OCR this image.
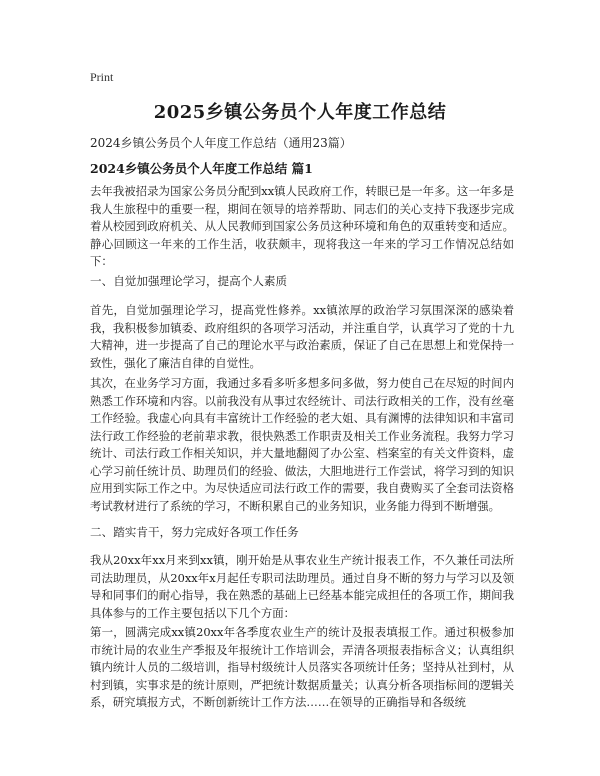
Print
2025乡镇公务员个人年度工作总结

2024乡镇公务员个人年度工作总结（通用23篇）

2024乡镇公务员个人年度工作总结 篇1

去年我被招录为国家公务员分配到xx镇人民政府工作，转眼已是一年多。这一年多是我人生旅程中的重要一程，期间在领导的培养帮助、同志们的关心支持下我逐步完成着从校园到政府机关、从人民教师到国家公务员这种环境和角色的双重转变和适应。静心回顾这一年来的工作生活，收获颇丰，现将我这一年来的学习工作情况总结如下：

一、自觉加强理论学习，提高个人素质

首先，自觉加强理论学习，提高党性修养。xx镇浓厚的政治学习氛围深深的感染着我，我积极参加镇委、政府组织的各项学习活动，并注重自学，认真学习了党的十九大精神，进一步提高了自己的理论水平与政治素质，保证了自己在思想上和党保持一致性，强化了廉洁自律的自觉性。

其次，在业务学习方面，我通过多看多听多想多问多做，努力使自己在尽短的时间内熟悉工作环境和内容。以前我没有从事过农经统计、司法行政相关的工作，没有丝毫工作经验。我虚心向具有丰富统计工作经验的老大姐、具有渊博的法律知识和丰富司法行政工作经验的老前辈求教，很快熟悉工作职责及相关工作业务流程。我努力学习统计、司法行政工作相关知识，并大量地翻阅了办公室、档案室的有关文件资料，虚心学习前任统计员、助理员们的经验、做法，大胆地进行工作尝试，将学习到的知识应用到实际工作之中。为尽快适应司法行政工作的需要，我自费购买了全套司法资格考试教材进行了系统的学习，不断积累自己的业务知识，业务能力得到不断增强。

二、踏实肯干，努力完成好各项工作任务

我从20xx年xx月来到xx镇，刚开始是从事农业生产统计报表工作，不久兼任司法所司法助理员，从20xx年x月起任专职司法助理员。通过自身不断的努力与学习以及领导和同事们的耐心指导，我在熟悉的基础上已经基本能完成担任的各项工作，期间我具体参与的工作主要包括以下几个方面：

第一，圆满完成xx镇20xx年各季度农业生产的统计及报表填报工作。通过积极参加市统计局的农业生产季报及年报统计工作培训会，弄清各项报表指标含义；认真组织镇内统计人员的二级培训，指导村级统计人员落实各项统计任务；坚持从社到村，从村到镇，实事求是的统计原则，严把统计数据质量关；认真分析各项指标间的逻辑关系，研究填报方式，不断创新统计工作方法……在领导的正确指导和各级统
